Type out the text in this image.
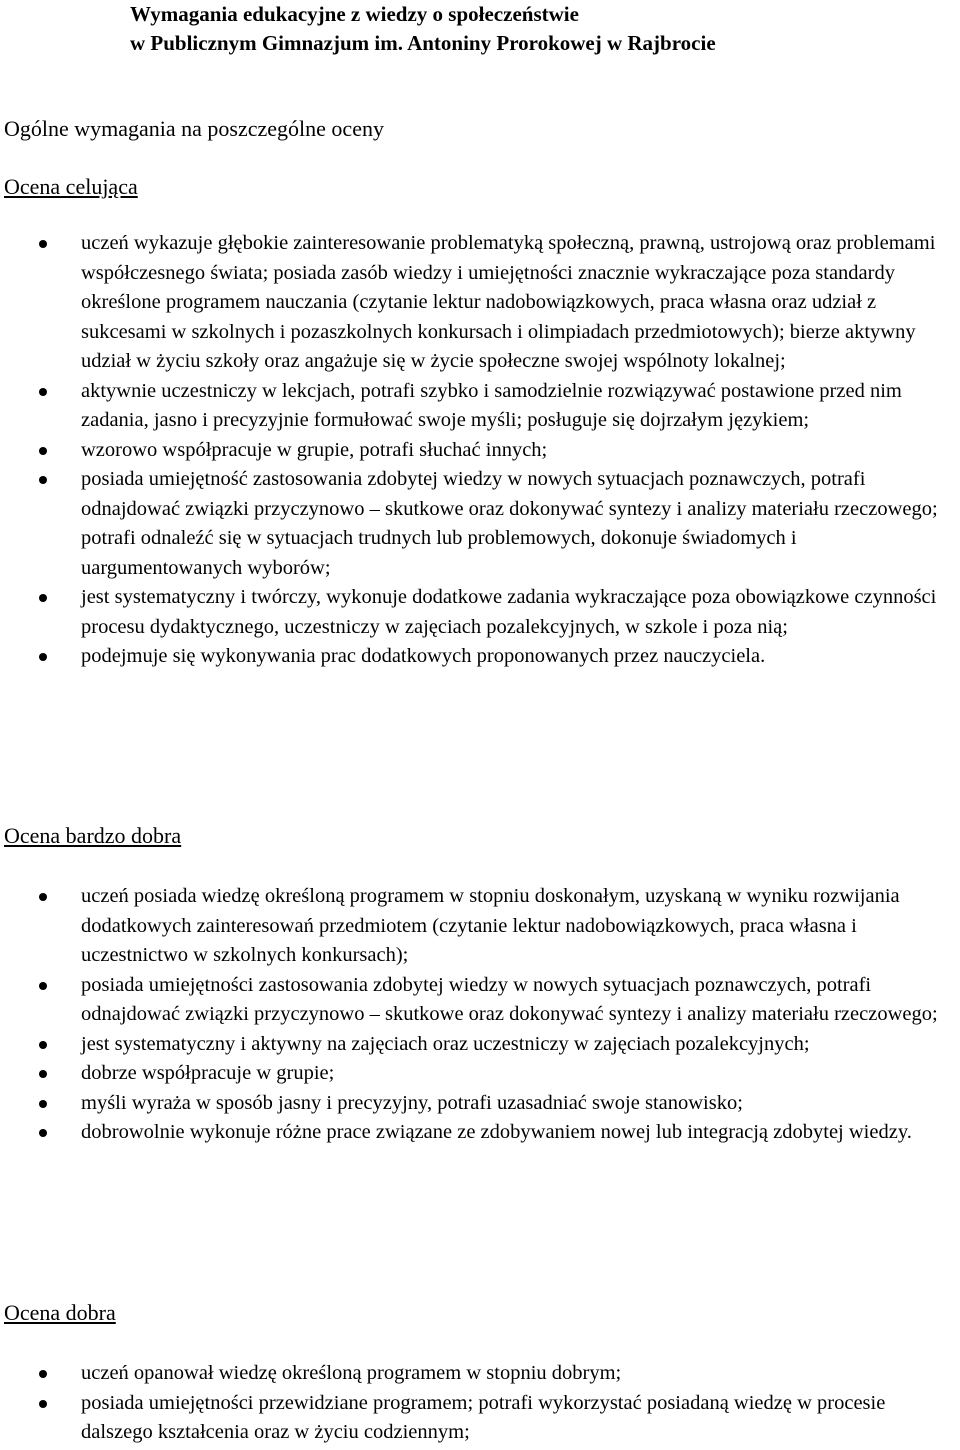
Wymagania edukacyjne z wiedzy o społeczeństwie
w Publicznym Gimnazjum im. Antoniny Prorokowej w Rajbrocie
Ogólne wymagania na poszczególne oceny
Ocena celująca
uczeń wykazuje głębokie zainteresowanie problematyką społeczną, prawną, ustrojową oraz problemami współczesnego świata; posiada zasób wiedzy i umiejętności znacznie wykraczające poza standardy określone programem nauczania (czytanie lektur nadobowiązkowych, praca własna oraz udział z sukcesami w szkolnych i pozaszkolnych konkursach i olimpiadach przedmiotowych); bierze aktywny udział w życiu szkoły oraz angażuje się w życie społeczne swojej wspólnoty lokalnej;
aktywnie uczestniczy w lekcjach, potrafi szybko i samodzielnie rozwiązywać postawione przed nim zadania, jasno i precyzyjnie formułować swoje myśli; posługuje się dojrzałym językiem;
wzorowo współpracuje w grupie, potrafi słuchać innych;
posiada umiejętność zastosowania zdobytej wiedzy w nowych sytuacjach poznawczych, potrafi odnajdować związki przyczynowo – skutkowe oraz dokonywać syntezy i analizy materiału rzeczowego; potrafi odnaleźć się w sytuacjach trudnych lub problemowych, dokonuje świadomych i uargumentowanych wyborów;
jest systematyczny i twórczy, wykonuje dodatkowe zadania wykraczające poza obowiązkowe czynności procesu dydaktycznego, uczestniczy w zajęciach pozalekcyjnych, w szkole i poza nią;
podejmuje się wykonywania prac dodatkowych proponowanych przez nauczyciela.
Ocena bardzo dobra
uczeń posiada wiedzę określoną programem w stopniu doskonałym, uzyskaną w wyniku rozwijania dodatkowych zainteresowań przedmiotem (czytanie lektur nadobowiązkowych, praca własna i uczestnictwo w szkolnych konkursach);
posiada umiejętności zastosowania zdobytej wiedzy w nowych sytuacjach poznawczych, potrafi odnajdować związki przyczynowo – skutkowe oraz dokonywać syntezy i analizy materiału rzeczowego;
jest systematyczny i aktywny na zajęciach oraz uczestniczy w zajęciach pozalekcyjnych;
dobrze współpracuje w grupie;
myśli wyraża w sposób jasny i precyzyjny, potrafi uzasadniać swoje stanowisko;
dobrowolnie wykonuje różne prace związane ze zdobywaniem nowej lub integracją zdobytej wiedzy.
Ocena dobra
uczeń opanował wiedzę określoną programem w stopniu dobrym;
posiada umiejętności przewidziane programem; potrafi wykorzystać posiadaną wiedzę w procesie dalszego kształcenia oraz w życiu codziennym;
